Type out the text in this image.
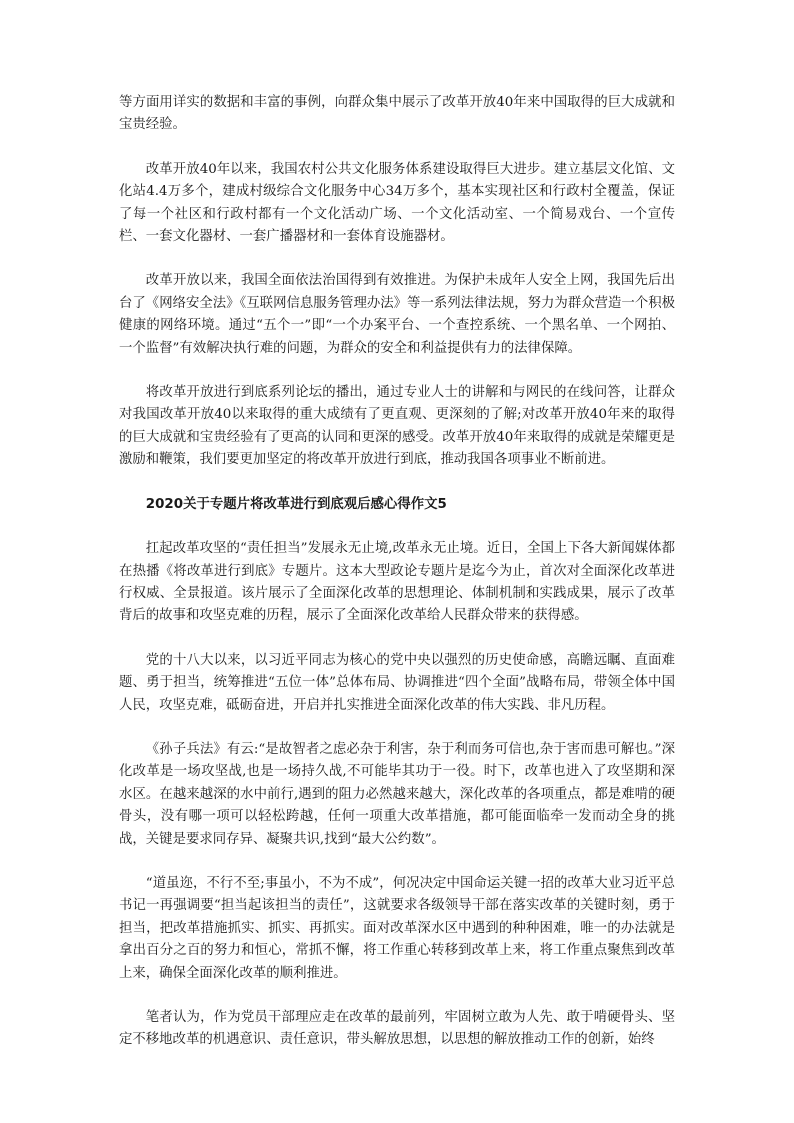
等方面用详实的数据和丰富的事例，向群众集中展示了改革开放40年来中国取得的巨大成就和宝贵经验。

改革开放40年以来，我国农村公共文化服务体系建设取得巨大进步。建立基层文化馆、文化站4.4万多个，建成村级综合文化服务中心34万多个，基本实现社区和行政村全覆盖，保证了每一个社区和行政村都有一个文化活动广场、一个文化活动室、一个简易戏台、一个宣传栏、一套文化器材、一套广播器材和一套体育设施器材。

改革开放以来，我国全面依法治国得到有效推进。为保护未成年人安全上网，我国先后出台了《网络安全法》《互联网信息服务管理办法》等一系列法律法规，努力为群众营造一个积极健康的网络环境。通过“五个一”即“一个办案平台、一个查控系统、一个黑名单、一个网拍、一个监督”有效解决执行难的问题，为群众的安全和利益提供有力的法律保障。

将改革开放进行到底系列论坛的播出，通过专业人士的讲解和与网民的在线问答，让群众对我国改革开放40以来取得的重大成绩有了更直观、更深刻的了解;对改革开放40年来的取得的巨大成就和宝贵经验有了更高的认同和更深的感受。改革开放40年来取得的成就是荣耀更是激励和鞭策，我们要更加坚定的将改革开放进行到底，推动我国各项事业不断前进。

2020关于专题片将改革进行到底观后感心得作文5

扛起改革攻坚的“责任担当”发展永无止境,改革永无止境。近日，全国上下各大新闻媒体都在热播《将改革进行到底》专题片。这本大型政论专题片是迄今为止，首次对全面深化改革进行权威、全景报道。该片展示了全面深化改革的思想理论、体制机制和实践成果，展示了改革背后的故事和攻坚克难的历程，展示了全面深化改革给人民群众带来的获得感。

党的十八大以来，以习近平同志为核心的党中央以强烈的历史使命感，高瞻远瞩、直面难题、勇于担当，统筹推进“五位一体”总体布局、协调推进“四个全面”战略布局，带领全体中国人民，攻坚克难，砥砺奋进，开启并扎实推进全面深化改革的伟大实践、非凡历程。

《孙子兵法》有云:“是故智者之虑必杂于利害，杂于利而务可信也,杂于害而患可解也。”深化改革是一场攻坚战,也是一场持久战,不可能毕其功于一役。时下，改革也进入了攻坚期和深水区。在越来越深的水中前行,遇到的阻力必然越来越大，深化改革的各项重点，都是难啃的硬骨头，没有哪一项可以轻松跨越，任何一项重大改革措施，都可能面临牵一发而动全身的挑战，关键是要求同存异、凝聚共识,找到“最大公约数”。

“道虽迩，不行不至;事虽小，不为不成”，何况决定中国命运关键一招的改革大业习近平总书记一再强调要“担当起该担当的责任”，这就要求各级领导干部在落实改革的关键时刻，勇于担当，把改革措施抓实、抓实、再抓实。面对改革深水区中遇到的种种困难，唯一的办法就是拿出百分之百的努力和恒心，常抓不懈，将工作重心转移到改革上来，将工作重点聚焦到改革上来，确保全面深化改革的顺利推进。

笔者认为，作为党员干部理应走在改革的最前列，牢固树立敢为人先、敢于啃硬骨头、坚定不移地改革的机遇意识、责任意识，带头解放思想，以思想的解放推动工作的创新，始终
